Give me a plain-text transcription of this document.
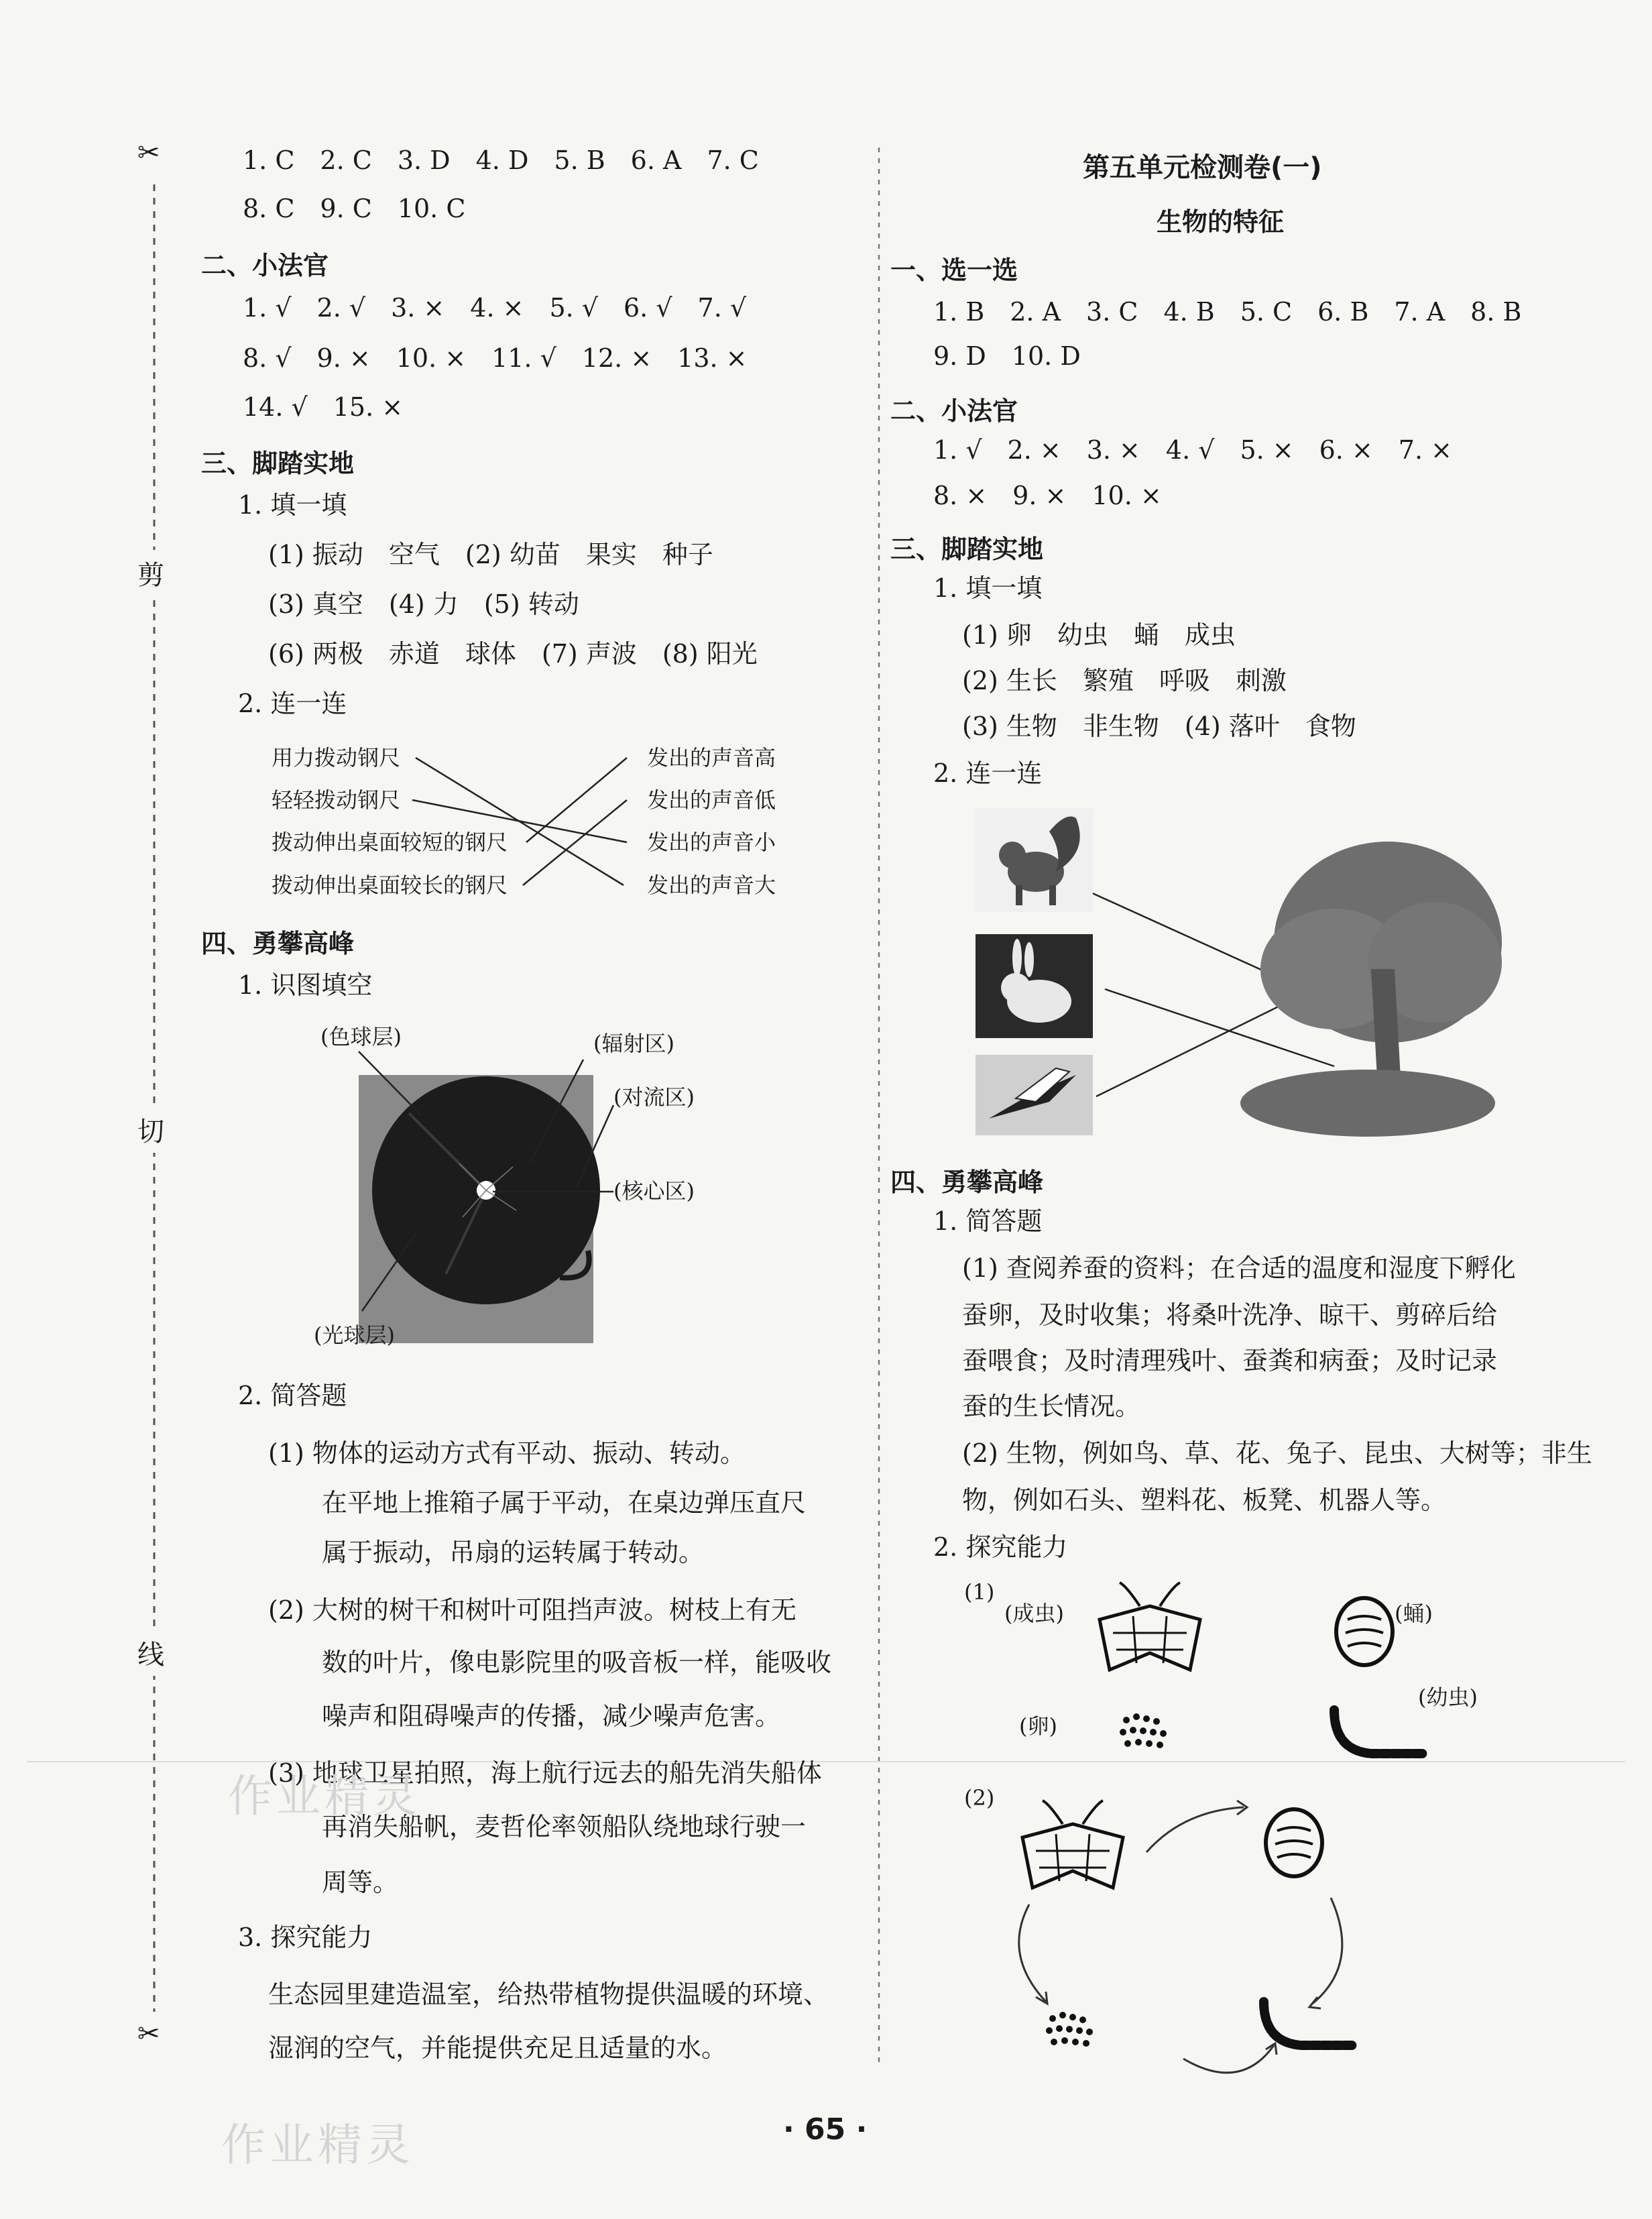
✂
✂
剪
切
线
1. C　2. C　3. D　4. D　5. B　6. A　7. C
8. C　9. C　10. C
二、小法官
1. √　2. √　3. ×　4. ×　5. √　6. √　7. √
8. √　9. ×　10. ×　11. √　12. ×　13. ×
14. √　15. ×
三、脚踏实地
1. 填一填
(1) 振动　空气　(2) 幼苗　果实　种子
(3) 真空　(4) 力　(5) 转动
(6) 两极　赤道　球体　(7) 声波　(8) 阳光
2. 连一连
用力拨动钢尺
轻轻拨动钢尺
拨动伸出桌面较短的钢尺
拨动伸出桌面较长的钢尺
发出的声音高
发出的声音低
发出的声音小
发出的声音大
四、勇攀高峰
1. 识图填空
(色球层)	(辐射区)
(对流区)
(核心区)
(光球层)
2. 简答题
(1) 物体的运动方式有平动、振动、转动。
在平地上推箱子属于平动，在桌边弹压直尺
属于振动，吊扇的运转属于转动。
(2) 大树的树干和树叶可阻挡声波。树枝上有无
数的叶片，像电影院里的吸音板一样，能吸收
噪声和阻碍噪声的传播，减少噪声危害。
(3) 地球卫星拍照，海上航行远去的船先消失船体
再消失船帆，麦哲伦率领船队绕地球行驶一
周等。
3. 探究能力
生态园里建造温室，给热带植物提供温暖的环境、
湿润的空气，并能提供充足且适量的水。
第五单元检测卷(一)
生物的特征
一、选一选
1. B　2. A　3. C　4. B　5. C　6. B　7. A　8. B
9. D　10. D
二、小法官
1. √　2. ×　3. ×　4. √　5. ×　6. ×　7. ×
8. ×　9. ×　10. ×
三、脚踏实地
1. 填一填
(1) 卵　幼虫　蛹　成虫
(2) 生长　繁殖　呼吸　刺激
(3) 生物　非生物　(4) 落叶　食物
2. 连一连
四、勇攀高峰
1. 简答题
(1) 查阅养蚕的资料；在合适的温度和湿度下孵化
蚕卵，及时收集；将桑叶洗净、晾干、剪碎后给
蚕喂食；及时清理残叶、蚕粪和病蚕；及时记录
蚕的生长情况。
(2) 生物，例如鸟、草、花、兔子、昆虫、大树等；非生
物，例如石头、塑料花、板凳、机器人等。
2. 探究能力
(1)
(成虫)	(蛹)
(幼虫)
(卵)
(2)
作业精灵
作业精灵	· 65 ·
